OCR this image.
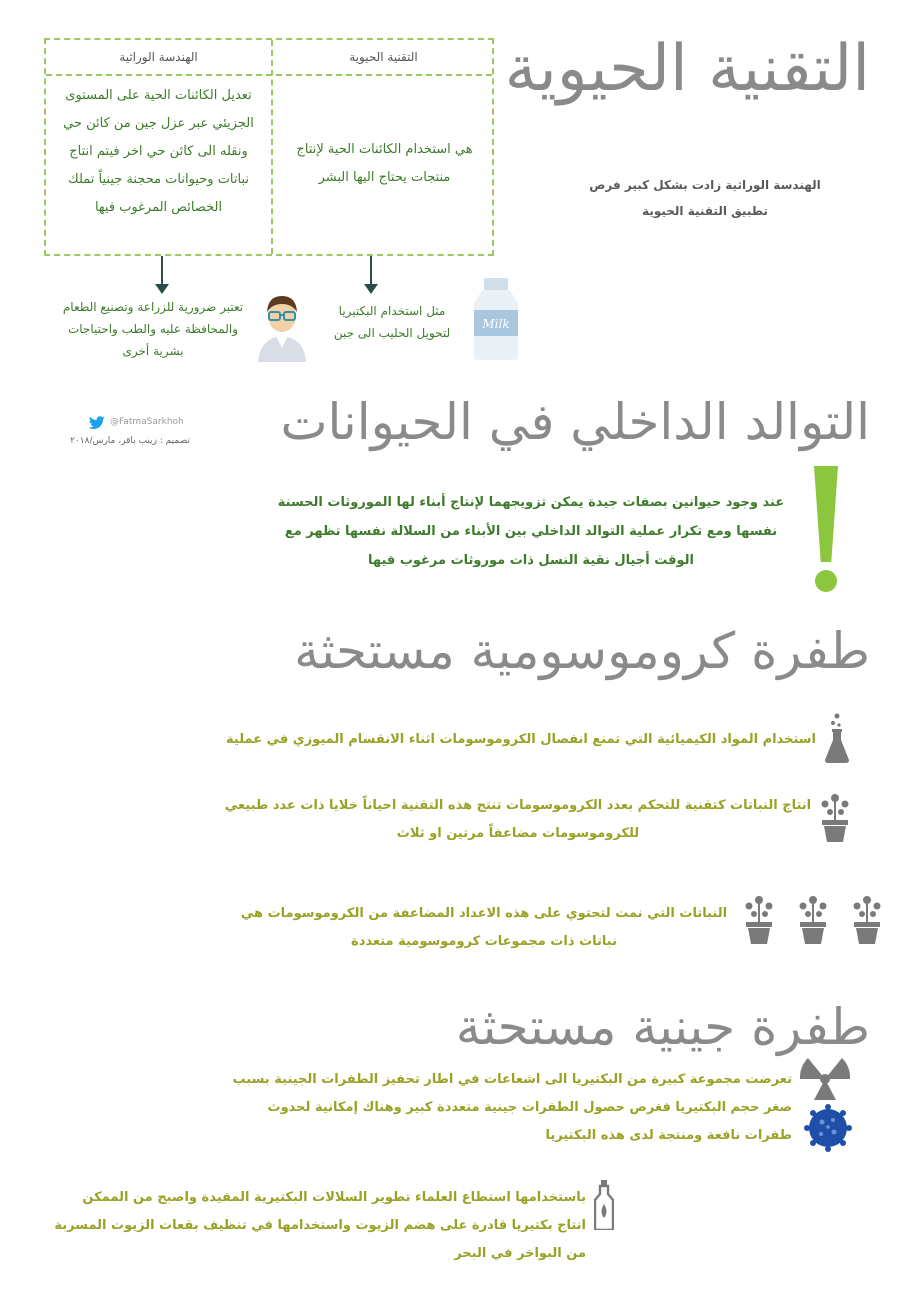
التقنية الحيوية
الهندسة الوراثية زادت بشكل كبير فرص
تطبيق التقنية الحيوية
الهندسة الوراثية	التقنية الحيوية
تعديل الكائنات الحية على المستوى الجزيئي عبر عزل جين من كائن حي ونقله الى كائن حي اخر فيتم انتاج نباتات وحيوانات محجنة جينياً تملك الخصائص المرغوب فيها
هي استخدام الكائنات الحية لإنتاج منتجات يحتاج اليها البشر
تعتبر ضرورية للزراعة وتصنيع الطعام والمحافظة عليه والطب واحتياجات بشرية أخرى
مثل استخدام البكتيريا لتحويل الحليب الى جبن
Milk
@FatmaSarkhoh
تصميم : زينب باقر، مارس/٢٠١٨ التوالد الداخلي في الحيوانات
عند وجود حيوانين بصفات جيدة يمكن تزويجهما لإنتاج أبناء لها الموروثات الحسنة نفسها ومع تكرار عملية التوالد الداخلي بين الأبناء من السلالة نفسها تظهر مع الوقت أجيال نقية النسل ذات موروثات مرغوب فيها
طفرة كروموسومية مستحثة
استخدام المواد الكيميائية التي تمنع انفصال الكروموسومات اثناء الانقسام الميوزي في عملية
انتاج النباتات كتقنية للتحكم بعدد الكروموسومات تنتج هذه التقنية احياناً خلايا ذات عدد طبيعي للكروموسومات مضاعفاً مرتين او ثلاث
النباتات التي نمت لتحتوي على هذه الاعداد المضاعفة من الكروموسومات هي نباتات ذات مجموعات كروموسومية متعددة
طفرة جينية مستحثة
تعرضت مجموعة كبيرة من البكتيريا الى اشعاعات في اطار تحفيز الطفرات الجينية بسبب صغر حجم البكتيريا فغرص حصول الطفرات جينية متعددة كبير وهناك إمكانية لحدوث طفرات نافعة ومنتجة لدى هذه البكتيريا
باستخدامها استطاع العلماء تطوير السلالات البكتيرية المفيدة واصبح من الممكن انتاج بكتيريا قادرة على هضم الزيوت واستخدامها في تنظيف بقعات الزيوت المسربة من البواخر في البحر
